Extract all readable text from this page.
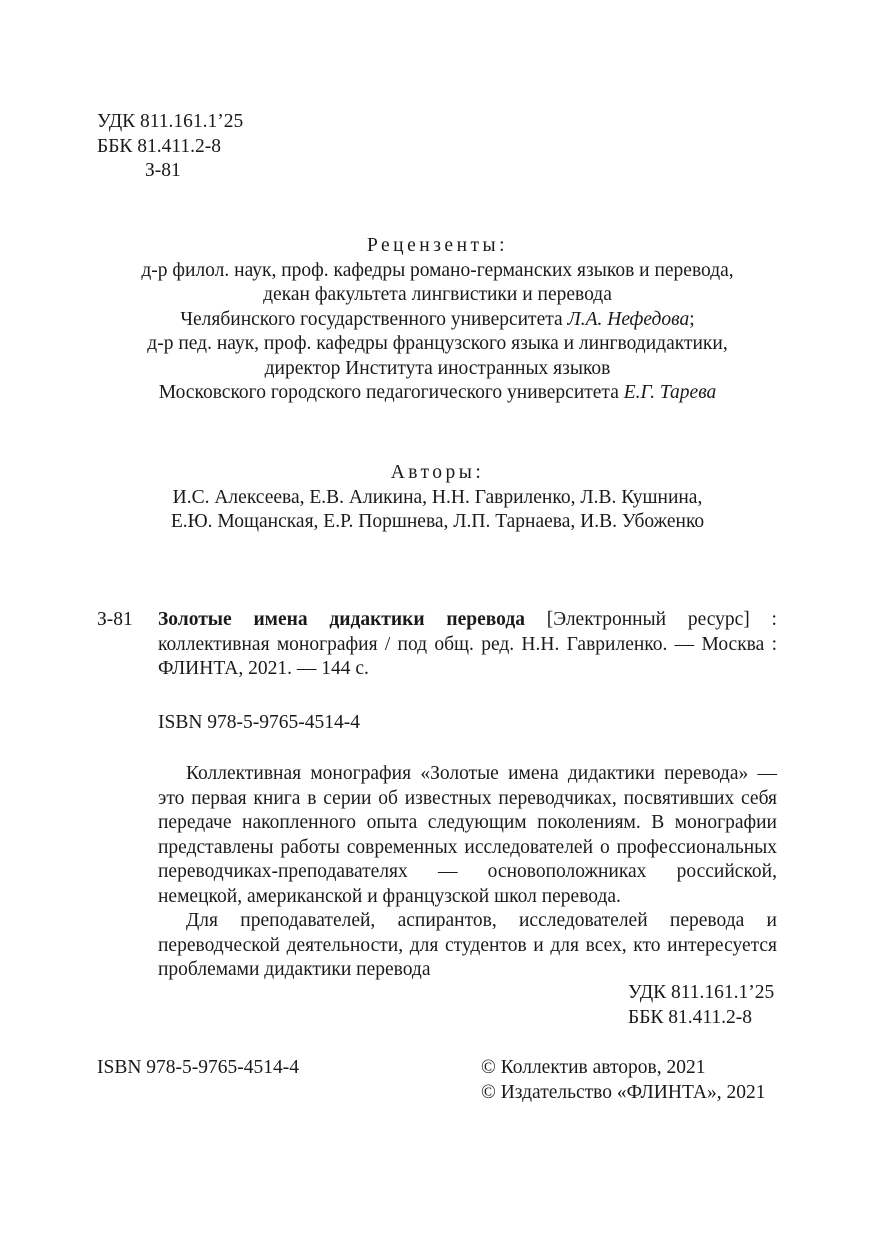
УДК 811.161.1’25
ББК 81.411.2-8
З-81
Рецензенты:
д-р филол. наук, проф. кафедры романо-германских языков и перевода,
декан факультета лингвистики и перевода
Челябинского государственного университета Л.А. Нефедова;
д-р пед. наук, проф. кафедры французского языка и лингводидактики,
директор Института иностранных языков
Московского городского педагогического университета Е.Г. Тарева
Авторы:
И.С. Алексеева, Е.В. Аликина, Н.Н. Гавриленко, Л.В. Кушнина,
Е.Ю. Мощанская, Е.Р. Поршнева, Л.П. Тарнаева, И.В. Убоженко
З-81 Золотые имена дидактики перевода [Электронный ресурс] : коллективная монография / под общ. ред. Н.Н. Гавриленко. — Москва : ФЛИНТА, 2021. — 144 с.
ISBN 978-5-9765-4514-4

Коллективная монография «Золотые имена дидактики перевода» — это первая книга в серии об известных переводчиках, посвятивших себя передаче накопленного опыта следующим поколениям. В монографии представлены работы современных исследователей о профессиональных переводчиках-преподавателях — основоположниках российской, немецкой, американской и французской школ перевода.

Для преподавателей, аспирантов, исследователей перевода и переводческой деятельности, для студентов и для всех, кто интересуется проблемами дидактики перевода

УДК 811.161.1’25
ББК 81.411.2-8
ISBN 978-5-9765-4514-4	© Коллектив авторов, 2021
© Издательство «ФЛИНТА», 2021
